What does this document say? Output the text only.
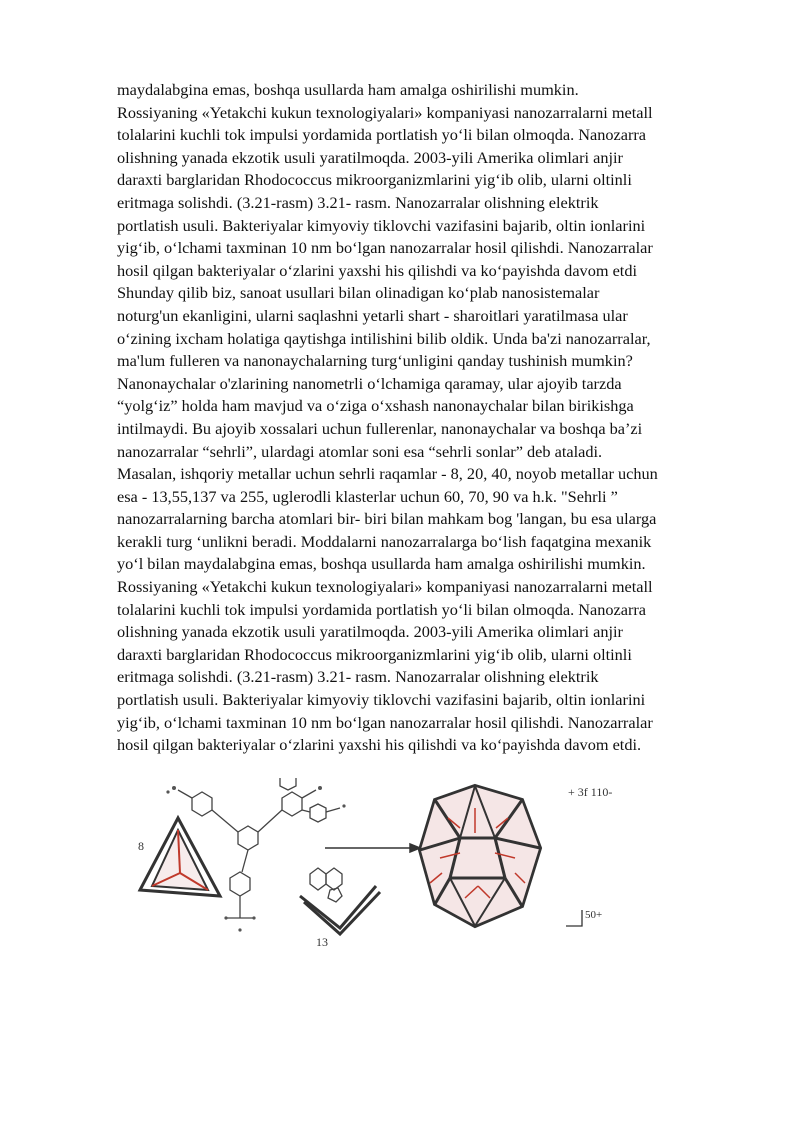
maydalabgina emas, boshqa usullarda ham amalga oshirilishi mumkin.
Rossiyaning «Yetakchi kukun texnologiyalari» kompaniyasi nanozarralarni metall
tolalarini kuchli tok impulsi yordamida portlatish yo‘li bilan olmoqda. Nanozarra
olishning yanada ekzotik usuli yaratilmoqda. 2003-yili Amerika olimlari anjir
daraxti barglaridan Rhodococcus mikroorganizmlarini yig‘ib olib, ularni oltinli
eritmaga solishdi. (3.21-rasm) 3.21- rasm. Nanozarralar olishning elektrik
portlatish usuli. Bakteriyalar kimyoviy tiklovchi vazifasini bajarib, oltin ionlarini
yig‘ib, o‘lchami taxminan 10 nm bo‘lgan nanozarralar hosil qilishdi. Nanozarralar
hosil qilgan bakteriyalar o‘zlarini yaxshi his qilishdi va ko‘payishda davom etdi
Shunday qilib biz, sanoat usullari bilan olinadigan ko‘plab nanosistemalar
noturg'un ekanligini, ularni saqlashni yetarli shart - sharoitlari yaratilmasa ular
o‘zining ixcham holatiga qaytishga intilishini bilib oldik. Unda ba'zi nanozarralar,
ma'lum fulleren va nanonaychalarning turg‘unligini qanday tushinish mumkin?
Nanonaychalar o'zlarining nanometrli o‘lchamiga qaramay, ular ajoyib tarzda
“yolg‘iz” holda ham mavjud va o‘ziga o‘xshash nanonaychalar bilan birikishga
intilmaydi. Bu ajoyib xossalari uchun fullerenlar, nanonaychalar va boshqa ba’zi
nanozarralar “sehrli”, ulardagi atomlar soni esa “sehrli sonlar” deb ataladi.
Masalan, ishqoriy metallar uchun sehrli raqamlar - 8, 20, 40, noyob metallar uchun
esa - 13,55,137 va 255, uglerodli klasterlar uchun 60, 70, 90 va h.k. "Sehrli ”
nanozarralarning barcha atomlari bir- biri bilan mahkam bog 'langan, bu esa ularga
kerakli turg ‘unlikni beradi. Moddalarni nanozarralarga bo‘lish faqatgina mexanik
yo‘l bilan maydalabgina emas, boshqa usullarda ham amalga oshirilishi mumkin.
Rossiyaning «Yetakchi kukun texnologiyalari» kompaniyasi nanozarralarni metall
tolalarini kuchli tok impulsi yordamida portlatish yo‘li bilan olmoqda. Nanozarra
olishning yanada ekzotik usuli yaratilmoqda. 2003-yili Amerika olimlari anjir
daraxti barglaridan Rhodococcus mikroorganizmlarini yig‘ib olib, ularni oltinli
eritmaga solishdi. (3.21-rasm) 3.21- rasm. Nanozarralar olishning elektrik
portlatish usuli. Bakteriyalar kimyoviy tiklovchi vazifasini bajarib, oltin ionlarini
yig‘ib, o‘lchami taxminan 10 nm bo‘lgan nanozarralar hosil qilishdi. Nanozarralar
hosil qilgan bakteriyalar o‘zlarini yaxshi his qilishdi va ko‘payishda davom etdi.
8
13
+ 3f 110-
50+
